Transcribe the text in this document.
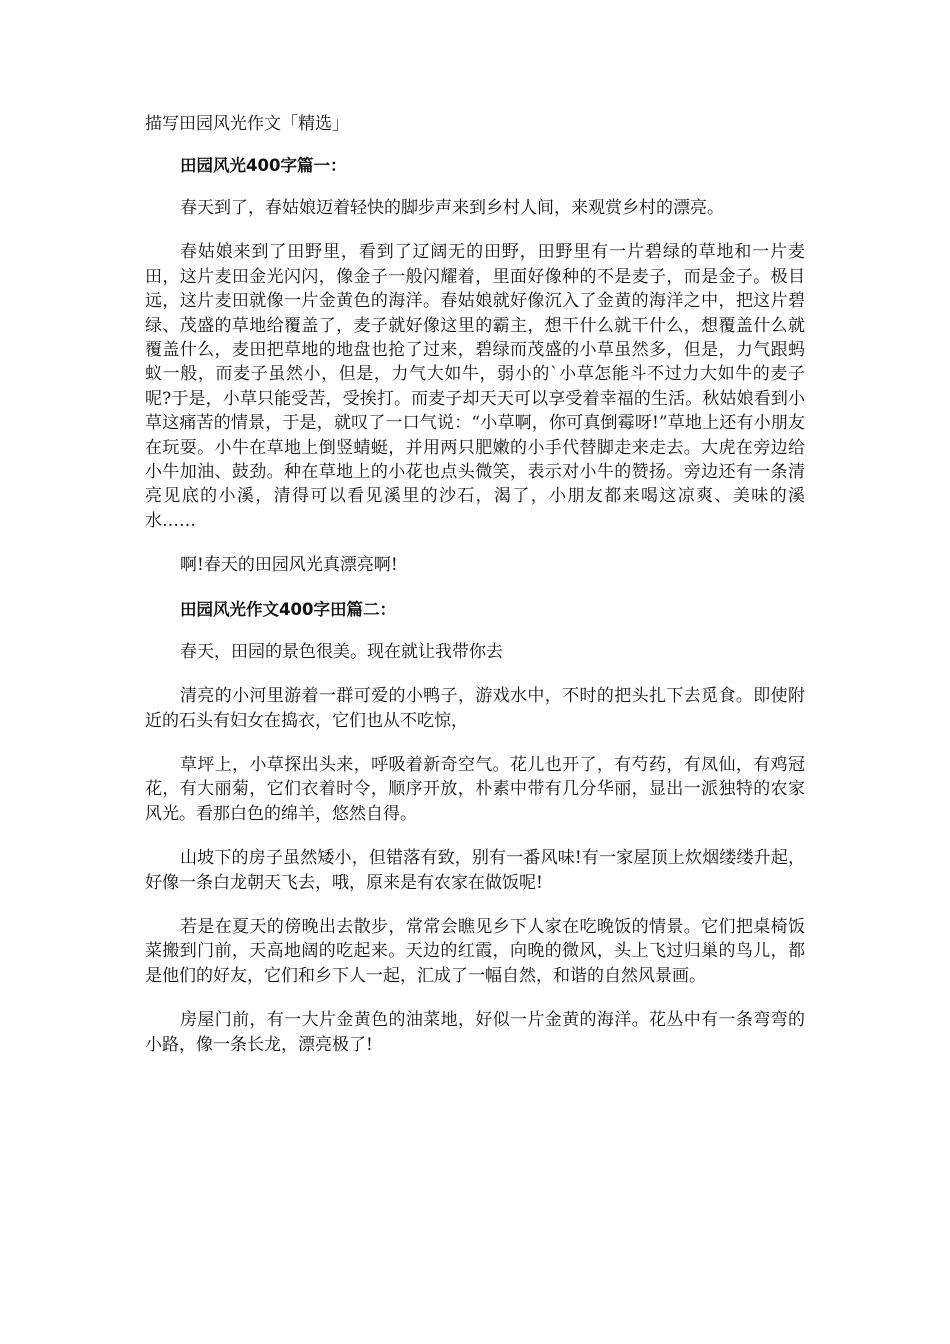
描写田园风光作文「精选」
田园风光400字篇一：

春天到了，春姑娘迈着轻快的脚步声来到乡村人间，来观赏乡村的漂亮。

春姑娘来到了田野里，看到了辽阔无的田野，田野里有一片碧绿的草地和一片麦田，这片麦田金光闪闪，像金子一般闪耀着，里面好像种的不是麦子，而是金子。极目远，这片麦田就像一片金黄色的海洋。春姑娘就好像沉入了金黄的海洋之中，把这片碧绿、茂盛的草地给覆盖了，麦子就好像这里的霸主，想干什么就干什么，想覆盖什么就覆盖什么，麦田把草地的地盘也抢了过来，碧绿而茂盛的小草虽然多，但是，力气跟蚂蚁一般，而麦子虽然小，但是，力气大如牛，弱小的`小草怎能斗不过力大如牛的麦子呢?于是，小草只能受苦，受挨打。而麦子却天天可以享受着幸福的生活。秋姑娘看到小草这痛苦的情景，于是，就叹了一口气说：“小草啊，你可真倒霉呀!”草地上还有小朋友在玩耍。小牛在草地上倒竖蜻蜓，并用两只肥嫩的小手代替脚走来走去。大虎在旁边给小牛加油、鼓劲。种在草地上的小花也点头微笑，表示对小牛的赞扬。旁边还有一条清亮见底的小溪，清得可以看见溪里的沙石，渴了，小朋友都来喝这凉爽、美味的溪水……

啊!春天的田园风光真漂亮啊!

田园风光作文400字田篇二：

春天，田园的景色很美。现在就让我带你去

清亮的小河里游着一群可爱的小鸭子，游戏水中，不时的把头扎下去觅食。即使附近的石头有妇女在捣衣，它们也从不吃惊，

草坪上，小草探出头来，呼吸着新奇空气。花儿也开了，有芍药，有凤仙，有鸡冠花，有大丽菊，它们衣着时令，顺序开放，朴素中带有几分华丽，显出一派独特的农家风光。看那白色的绵羊，悠然自得。

山坡下的房子虽然矮小，但错落有致，别有一番风味!有一家屋顶上炊烟缕缕升起，好像一条白龙朝天飞去，哦，原来是有农家在做饭呢!

若是在夏天的傍晚出去散步，常常会瞧见乡下人家在吃晚饭的情景。它们把桌椅饭菜搬到门前，天高地阔的吃起来。天边的红霞，向晚的微风，头上飞过归巢的鸟儿，都是他们的好友，它们和乡下人一起，汇成了一幅自然，和谐的自然风景画。

房屋门前，有一大片金黄色的油菜地，好似一片金黄的海洋。花丛中有一条弯弯的小路，像一条长龙，漂亮极了!
